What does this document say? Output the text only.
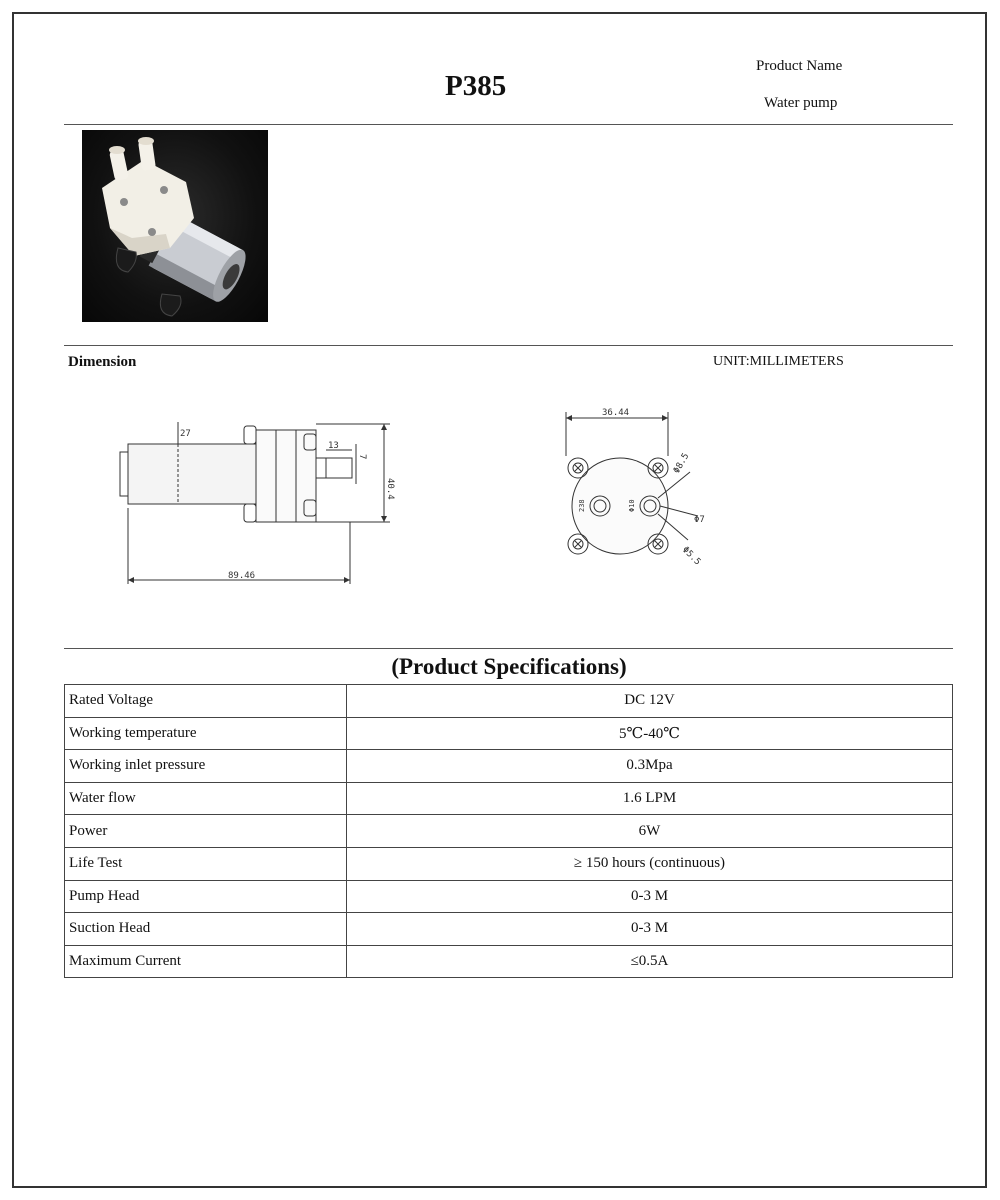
P385
Product Name
Water pump
Dimension	UNIT:MILLIMETERS
89.46
13
27
40.4
7
36.44
Φ8.5
Φ7
Φ5.5
Φ10
238
(Product Specifications)
Rated Voltage	DC 12V
Working temperature	5℃-40℃
Working inlet pressure	0.3Mpa
Water flow	1.6 LPM
Power	6W
Life Test	≥ 150 hours (continuous)
Pump Head	0-3 M
Suction Head	0-3 M
Maximum Current	≤0.5A
